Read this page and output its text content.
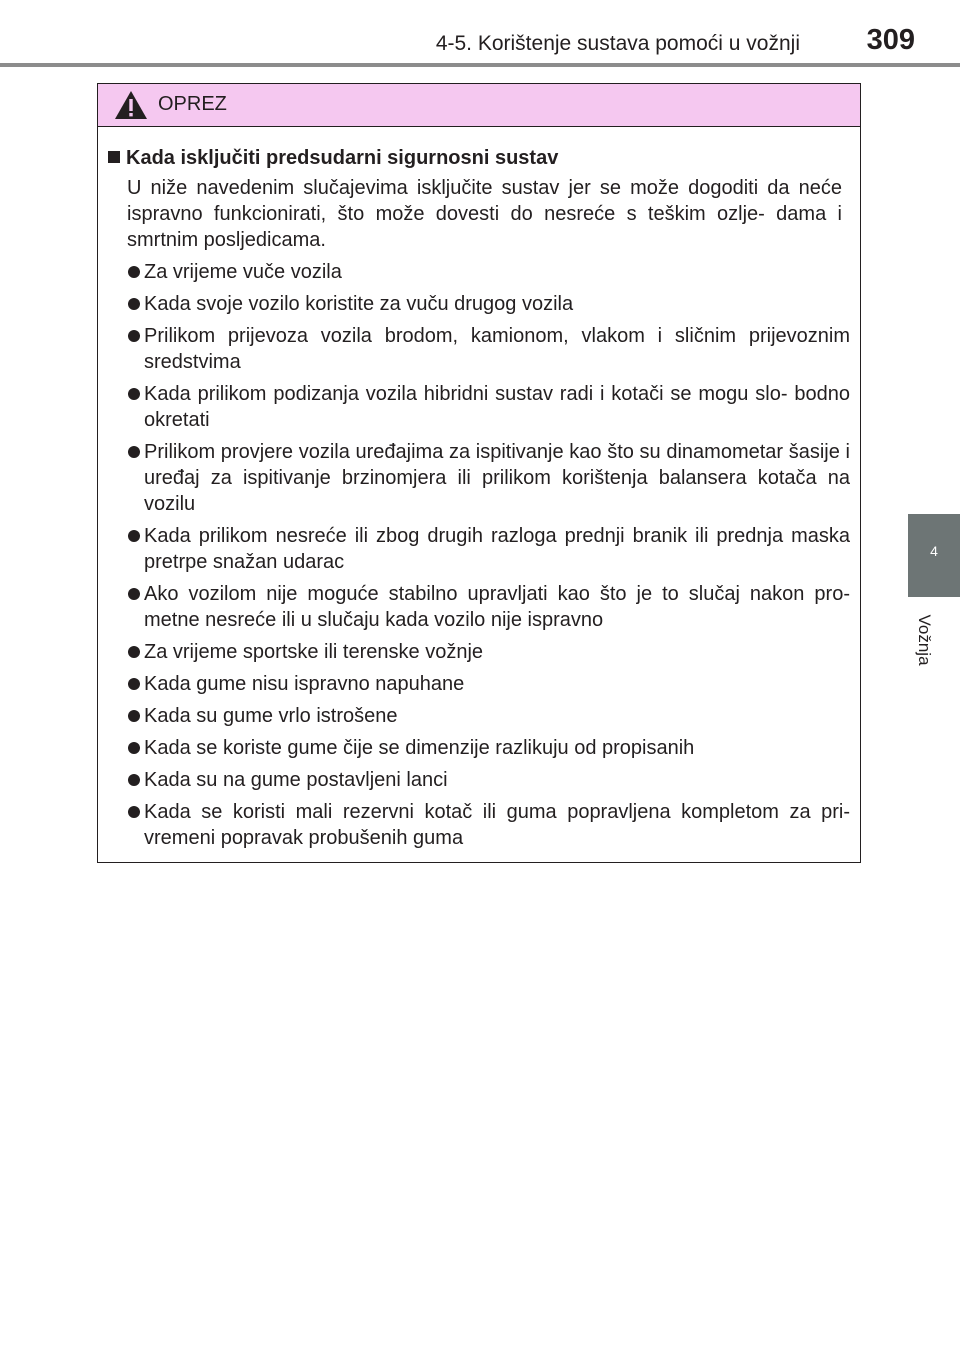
4-5. Korištenje sustava pomoći u vožnji	309
4
Vožnja
OPREZ
Kada isključiti predsudarni sigurnosni sustav
U niže navedenim slučajevima isključite sustav jer se može dogoditi da neće ispravno funkcionirati, što može dovesti do nesreće s teškim ozlje- dama i smrtnim posljedicama.
Za vrijeme vuče vozila
Kada svoje vozilo koristite za vuču drugog vozila
Prilikom prijevoza vozila brodom, kamionom, vlakom i sličnim prijevoznim sredstvima
Kada prilikom podizanja vozila hibridni sustav radi i kotači se mogu slo- bodno okretati
Prilikom provjere vozila uređajima za ispitivanje kao što su dinamometar šasije i uređaj za ispitivanje brzinomjera ili prilikom korištenja balansera kotača na vozilu
Kada prilikom nesreće ili zbog drugih razloga prednji branik ili prednja maska pretrpe snažan udarac
Ako vozilom nije moguće stabilno upravljati kao što je to slučaj nakon pro- metne nesreće ili u slučaju kada vozilo nije ispravno
Za vrijeme sportske ili terenske vožnje
Kada gume nisu ispravno napuhane
Kada su gume vrlo istrošene
Kada se koriste gume čije se dimenzije razlikuju od propisanih
Kada su na gume postavljeni lanci
Kada se koristi mali rezervni kotač ili guma popravljena kompletom za pri- vremeni popravak probušenih guma
